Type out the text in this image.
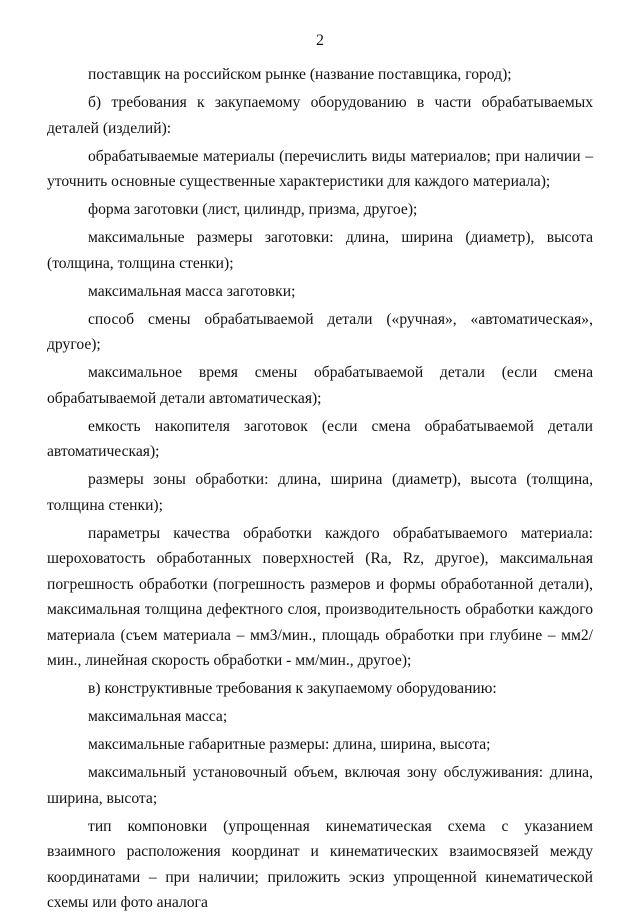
2

поставщик на российском рынке (название поставщика, город);

б) требования к закупаемому оборудованию в части обрабатываемых деталей (изделий):

обрабатываемые материалы (перечислить виды материалов; при наличии – уточнить основные существенные характеристики для каждого материала);

форма заготовки (лист, цилиндр, призма, другое);

максимальные размеры заготовки: длина, ширина (диаметр), высота (толщина, толщина стенки);

максимальная масса заготовки;

способ смены обрабатываемой детали («ручная», «автоматическая», другое);

максимальное время смены обрабатываемой детали (если смена обрабатываемой детали автоматическая);

емкость накопителя заготовок (если смена обрабатываемой детали автоматическая);

размеры зоны обработки: длина, ширина (диаметр), высота (толщина, толщина стенки);

параметры качества обработки каждого обрабатываемого материала: шероховатость обработанных поверхностей (Ra, Rz, другое), максимальная погрешность обработки (погрешность размеров и формы обработанной детали), максимальная толщина дефектного слоя, производительность обработки каждого материала (съем материала – мм3/мин., площадь обработки при глубине – мм2/мин., линейная скорость обработки - мм/мин., другое);

в) конструктивные требования к закупаемому оборудованию:

максимальная масса;

максимальные габаритные размеры: длина, ширина, высота;

максимальный установочный объем, включая зону обслуживания: длина, ширина, высота;

тип компоновки (упрощенная кинематическая схема с указанием взаимного расположения координат и кинематических взаимосвязей между координатами – при наличии; приложить эскиз упрощенной кинематической схемы или фото аналога
